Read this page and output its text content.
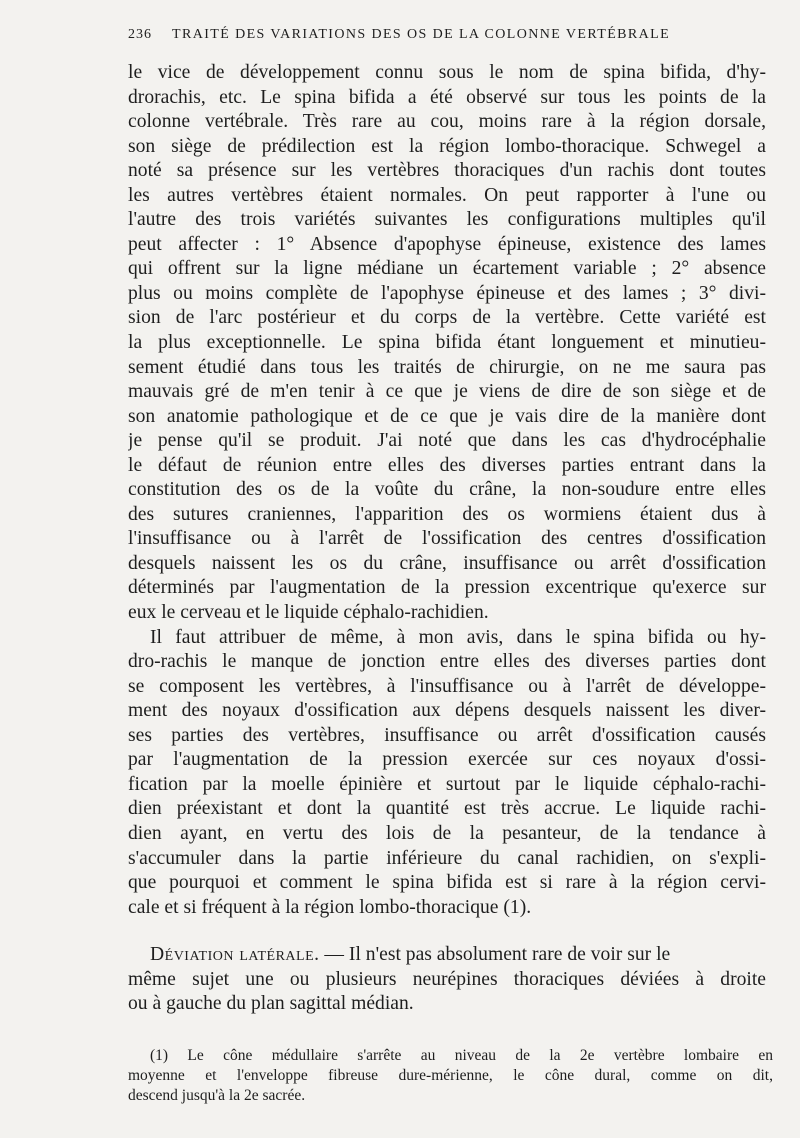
236 TRAITÉ DES VARIATIONS DES OS DE LA COLONNE VERTÉBRALE

le vice de développement connu sous le nom de spina bifida, d'hy-
drorachis, etc. Le spina bifida a été observé sur tous les points de la
colonne vertébrale. Très rare au cou, moins rare à la région dorsale,
son siège de prédilection est la région lombo-thoracique. Schwegel a
noté sa présence sur les vertèbres thoraciques d'un rachis dont toutes
les autres vertèbres étaient normales. On peut rapporter à l'une ou
l'autre des trois variétés suivantes les configurations multiples qu'il
peut affecter : 1° Absence d'apophyse épineuse, existence des lames
qui offrent sur la ligne médiane un écartement variable ; 2° absence
plus ou moins complète de l'apophyse épineuse et des lames ; 3° divi-
sion de l'arc postérieur et du corps de la vertèbre. Cette variété est
la plus exceptionnelle. Le spina bifida étant longuement et minutieu-
sement étudié dans tous les traités de chirurgie, on ne me saura pas
mauvais gré de m'en tenir à ce que je viens de dire de son siège et de
son anatomie pathologique et de ce que je vais dire de la manière dont
je pense qu'il se produit. J'ai noté que dans les cas d'hydrocéphalie
le défaut de réunion entre elles des diverses parties entrant dans la
constitution des os de la voûte du crâne, la non-soudure entre elles
des sutures craniennes, l'apparition des os wormiens étaient dus à
l'insuffisance ou à l'arrêt de l'ossification des centres d'ossification
desquels naissent les os du crâne, insuffisance ou arrêt d'ossification
déterminés par l'augmentation de la pression excentrique qu'exerce sur
eux le cerveau et le liquide céphalo-rachidien.

Il faut attribuer de même, à mon avis, dans le spina bifida ou hy-
dro-rachis le manque de jonction entre elles des diverses parties dont
se composent les vertèbres, à l'insuffisance ou à l'arrêt de développe-
ment des noyaux d'ossification aux dépens desquels naissent les diver-
ses parties des vertèbres, insuffisance ou arrêt d'ossification causés
par l'augmentation de la pression exercée sur ces noyaux d'ossi-
fication par la moelle épinière et surtout par le liquide céphalo-rachi-
dien préexistant et dont la quantité est très accrue. Le liquide rachi-
dien ayant, en vertu des lois de la pesanteur, de la tendance à
s'accumuler dans la partie inférieure du canal rachidien, on s'expli-
que pourquoi et comment le spina bifida est si rare à la région cervi-
cale et si fréquent à la région lombo-thoracique (1).

Déviation latérale. — Il n'est pas absolument rare de voir sur le
même sujet une ou plusieurs neurépines thoraciques déviées à droite
ou à gauche du plan sagittal médian.

(1) Le cône médullaire s'arrête au niveau de la 2e vertèbre lombaire en
moyenne et l'enveloppe fibreuse dure-mérienne, le cône dural, comme on dit,
descend jusqu'à la 2e sacrée.
